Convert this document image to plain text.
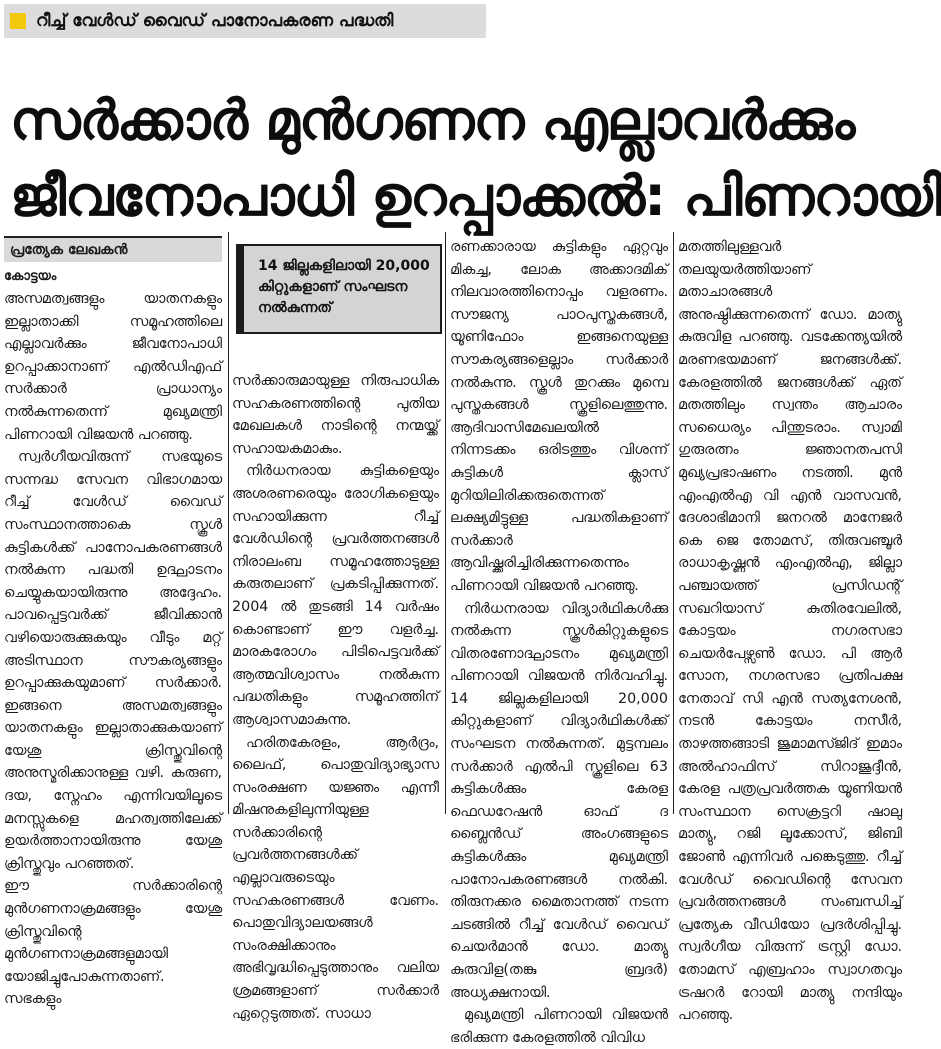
റീച്ച് വേൾഡ് വൈഡ് പാനോപകരണ പദ്ധതി
സർക്കാർ മുൻഗണന എല്ലാവർക്കും
ജീവനോപാധി ഉറപ്പാക്കൽ: പിണറായി
പ്രത്യേക ലേഖകൻ
കോട്ടയം

അസമത്വങ്ങളും യാതനകളും ഇല്ലാതാക്കി സമൂഹത്തിലെ എല്ലാവർക്കും ജീവനോപാധി ഉറപ്പാക്കാനാണ് എൽഡിഎഫ് സർക്കാർ പ്രാധാന്യം നൽകുന്നതെന്ന് മുഖ്യമന്ത്രി പിണറായി വിജയൻ പറഞ്ഞു.

സ്വർഗീയവിരുന്ന് സഭയുടെ സന്നദ്ധ സേവന വിഭാഗമായ റീച്ച് വേൾഡ് വൈഡ് സംസ്ഥാനത്താകെ സ്കൂൾ കുട്ടികൾക്ക് പാനോപകരണങ്ങൾ നൽകുന്ന പദ്ധതി ഉദ്ഘാടനം ചെയ്യുകയായിരുന്നു അദ്ദേഹം. പാവപ്പെട്ടവർക്ക് ജീവിക്കാൻ വഴിയൊരുക്കുകയും വീടും മറ്റ് അടിസ്ഥാന സൗകര്യങ്ങളും ഉറപ്പാക്കുകയുമാണ് സർക്കാർ. ഇങ്ങനെ അസമത്വങ്ങളും യാതനകളും ഇല്ലാതാക്കുകയാണ് യേശു ക്രിസ്തുവിന്റെ അനുസ്മരിക്കാനുള്ള വഴി. കരുണ, ദയ, സ്നേഹം എന്നിവയിലൂടെ മനസ്സുകളെ മഹത്വത്തിലേക്ക് ഉയർത്താനായിരുന്നു യേശു ക്രിസ്തുവും പറഞ്ഞത്.

ഈ സർക്കാരിന്റെ മുൻഗണനാക്രമങ്ങളും യേശു ക്രിസ്തുവിന്റെ മുൻഗണനാക്രമങ്ങളുമായി യോജിച്ചുപോകുന്നതാണ്. സഭകളും

14 ജില്ലകളിലായി 20,000 കിറ്റുകളാണ് സംഘടന നൽകുന്നത്

സർക്കാരുമായുള്ള നിരുപാധിക സഹകരണത്തിന്റെ പുതിയ മേഖലകൾ നാടിന്റെ നന്മയ്ക്ക് സഹായകമാകും.

നിർധനരായ കുട്ടികളെയും അശരണരെയും രോഗികളെയും സഹായിക്കുന്ന റീച്ച് വേൾഡിന്റെ പ്രവർത്തനങ്ങൾ നിരാലംബ സമൂഹത്തോടുള്ള കരുതലാണ് പ്രകടിപ്പിക്കുന്നത്. 2004 ൽ തുടങ്ങി 14 വർഷം കൊണ്ടാണ് ഈ വളർച്ച. മാരകരോഗം പിടിപെട്ടവർക്ക് ആത്മവിശ്വാസം നൽകുന്ന പദ്ധതികളും സമൂഹത്തിന് ആശ്വാസമാകുന്നു.

ഹരിതകേരളം, ആർദ്രം, ലൈഫ്, പൊതുവിദ്യാഭ്യാസ സംരക്ഷണ യജ്ഞം എന്നീ മിഷനുകളിലുന്നിയുള്ള സർക്കാരിന്റെ പ്രവർത്തനങ്ങൾക്ക് എല്ലാവരുടെയും സഹകരണങ്ങൾ വേണം. പൊതുവിദ്യാലയങ്ങൾ സംരക്ഷിക്കാനും അഭിവൃദ്ധിപ്പെടുത്താനും വലിയ ശ്രമങ്ങളാണ് സർക്കാർ ഏറ്റെടുത്തത്. സാധാ

രണക്കാരായ കുട്ടികളും ഏറ്റവും മികച്ച, ലോക അക്കാദമിക് നിലവാരത്തിനൊപ്പം വളരണം. സൗജന്യ പാഠപുസ്തകങ്ങൾ, യൂണിഫോം ഇങ്ങനെയുള്ള സൗകര്യങ്ങളെല്ലാം സർക്കാർ നൽകുന്നു. സ്കൂൾ തുറക്കും മുമ്പെ പുസ്തകങ്ങൾ സ്കൂളിലെത്തുന്നു. ആദിവാസിമേഖലയിൽ നിന്നടക്കം ഒരിടത്തും വിശന്ന് കുട്ടികൾ ക്ലാസ് മുറിയിലിരിക്കരുതെന്നത് ലക്ഷ്യമിട്ടുള്ള പദ്ധതികളാണ് സർക്കാർ ആവിഷ്ക്കരിച്ചിരിക്കുന്നതെന്നും പിണറായി വിജയൻ പറഞ്ഞു.

നിർധനരായ വിദ്യാർഥികൾക്കു നൽകുന്ന സ്കൂൾകിറ്റുകളുടെ വിതരണോദ്ഘാടനം മുഖ്യമന്ത്രി പിണറായി വിജയൻ നിർവഹിച്ചു. 14 ജില്ലകളിലായി 20,000 കിറ്റുകളാണ് വിദ്യാർഥികൾക്ക് സംഘടന നൽകുന്നത്. മുട്ടമ്പലം സർക്കാർ എൽപി സ്കൂളിലെ 63 കുട്ടികൾക്കും കേരള ഫെഡറേഷൻ ഓഫ് ദ ബ്ലൈൻഡ് അംഗങ്ങളുടെ കുട്ടികൾക്കും മുഖ്യമന്ത്രി പാനോപകരണങ്ങൾ നൽകി. തിരുനക്കര മൈതാനത്ത് നടന്ന ചടങ്ങിൽ റീച്ച് വേൾഡ് വൈഡ് ചെയർമാൻ ഡോ. മാത്യു കുരുവിള(തങ്കു ബ്രദർ) അധ്യക്ഷനായി.

മുഖ്യമന്ത്രി പിണറായി വിജയൻ ഭരിക്കുന്ന കേരളത്തിൽ വിവിധ

മതത്തിലുള്ളവർ തലയുയർത്തിയാണ് മതാചാരങ്ങൾ അനുഷ്ഠിക്കുന്നതെന്ന് ഡോ. മാത്യു കുരുവിള പറഞ്ഞു. വടക്കേന്ത്യയിൽ മരണഭയമാണ് ജനങ്ങൾക്ക്. കേരളത്തിൽ ജനങ്ങൾക്ക് ഏത് മതത്തിലും സ്വന്തം ആചാരം സധൈര്യം പിന്തുടരാം. സ്വാമി ഗുരുരത്നം ജ്ഞാനതപസി മുഖ്യപ്രഭാഷണം നടത്തി. മുൻ എംഎൽഎ വി എൻ വാസവൻ, ദേശാഭിമാനി ജനറൽ മാനേജർ കെ ജെ തോമസ്, തിരുവഞ്ചൂർ രാധാകൃഷ്ണൻ എംഎൽഎ, ജില്ലാ പഞ്ചായത്ത് പ്രസിഡന്റ് സഖറിയാസ് കുതിരവേലിൽ, കോട്ടയം നഗരസഭാ ചെയർപേഴ്സൺ ഡോ. പി ആർ സോന, നഗരസഭാ പ്രതിപക്ഷ നേതാവ് സി എൻ സത്യനേശൻ, നടൻ കോട്ടയം നസീർ, താഴത്തങ്ങാടി ജുമാമസ്ജിദ് ഇമാം അൽഹാഫിസ് സിറാജുദ്ദീൻ, കേരള പത്രപ്രവർത്തക യൂണിയൻ സംസ്ഥാന സെക്രട്ടറി ഷാലു മാത്യു, റജി ലൂക്കോസ്, ജിബി ജോൺ എന്നിവർ പങ്കെടുത്തു. റീച്ച് വേൾഡ് വൈഡിന്റെ സേവന പ്രവർത്തനങ്ങൾ സംബന്ധിച്ച് പ്രത്യേക വീഡിയോ പ്രദർശിപ്പിച്ചു. സ്വർഗീയ വിരുന്ന് ട്രസ്റ്റി ഡോ. തോമസ് എബ്രഹാം സ്വാഗതവും ട്രഷറർ റോയി മാത്യു നന്ദിയും പറഞ്ഞു.
